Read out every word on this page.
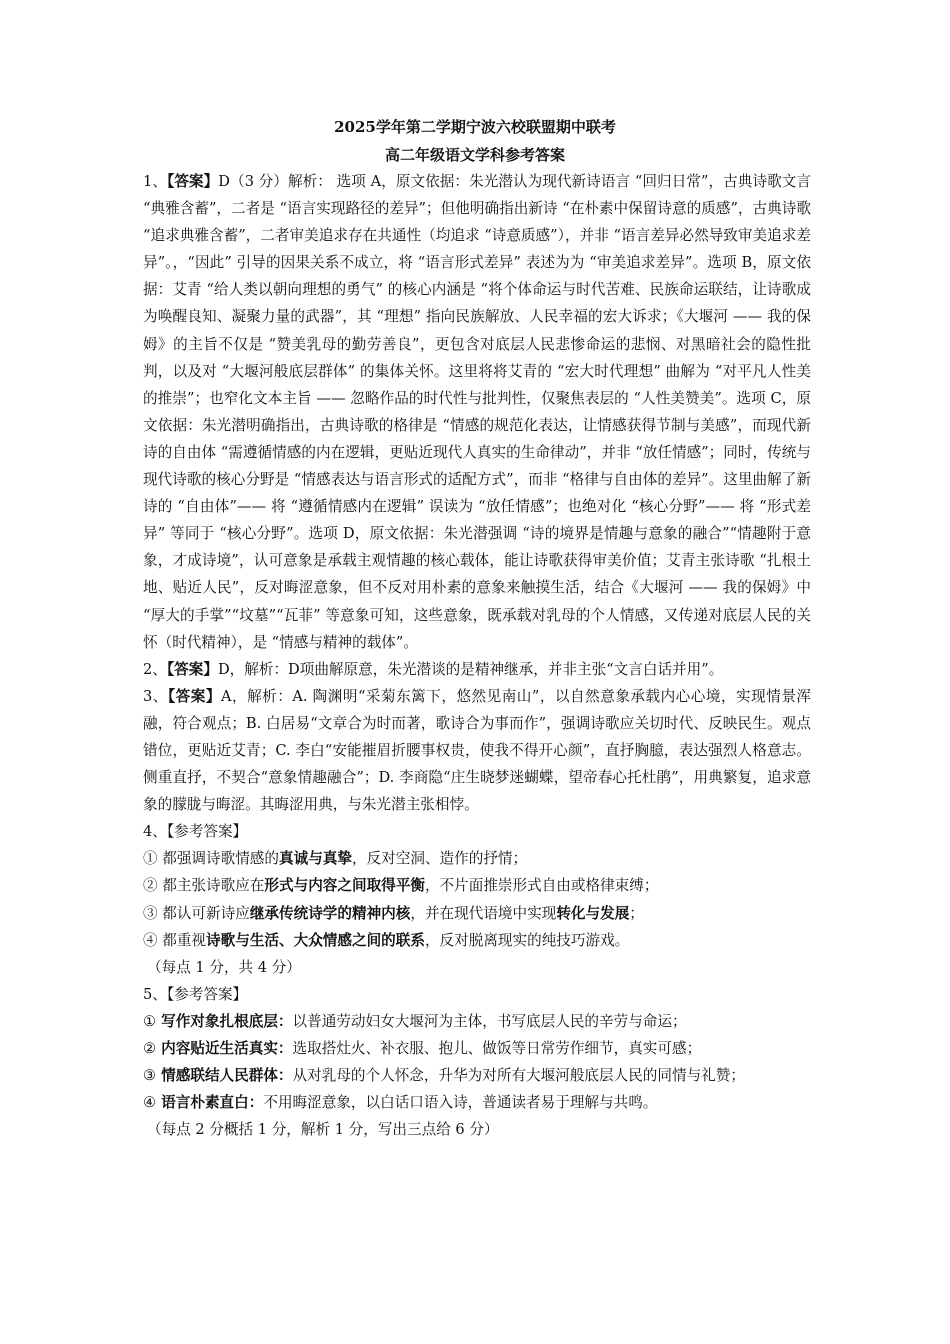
2025学年第二学期宁波六校联盟期中联考
高二年级语文学科参考答案

1、【答案】D（3 分）解析： 选项 A，原文依据：朱光潜认为现代新诗语言 “回归日常”，古典诗歌文言 “典雅含蓄”，二者是 “语言实现路径的差异”；但他明确指出新诗 “在朴素中保留诗意的质感”，古典诗歌 “追求典雅含蓄”，二者审美追求存在共通性（均追求 “诗意质感”），并非 “语言差异必然导致审美追求差异”。，“因此” 引导的因果关系不成立，将 “语言形式差异” 表述为为 “审美追求差异”。选项 B，原文依据：艾青 “给人类以朝向理想的勇气” 的核心内涵是 “将个体命运与时代苦难、民族命运联结，让诗歌成为唤醒良知、凝聚力量的武器”，其 “理想” 指向民族解放、人民幸福的宏大诉求；《大堰河 —— 我的保姆》的主旨不仅是 “赞美乳母的勤劳善良”，更包含对底层人民悲惨命运的悲悯、对黑暗社会的隐性批判，以及对 “大堰河般底层群体” 的集体关怀。这里将将艾青的 “宏大时代理想” 曲解为 “对平凡人性美的推崇”；也窄化文本主旨 —— 忽略作品的时代性与批判性，仅聚焦表层的 “人性美赞美”。选项 C，原文依据：朱光潜明确指出，古典诗歌的格律是 “情感的规范化表达，让情感获得节制与美感”，而现代新诗的自由体 “需遵循情感的内在逻辑，更贴近现代人真实的生命律动”，并非 “放任情感”；同时，传统与现代诗歌的核心分野是 “情感表达与语言形式的适配方式”，而非 “格律与自由体的差异”。这里曲解了新诗的 “自由体”—— 将 “遵循情感内在逻辑” 误读为 “放任情感”；也绝对化 “核心分野”—— 将 “形式差异” 等同于 “核心分野”。选项 D，原文依据：朱光潜强调 “诗的境界是情趣与意象的融合”“情趣附于意象，才成诗境”，认可意象是承载主观情趣的核心载体，能让诗歌获得审美价值；艾青主张诗歌 “扎根土地、贴近人民”，反对晦涩意象，但不反对用朴素的意象来触摸生活，结合《大堰河 —— 我的保姆》中 “厚大的手掌”“坟墓”“瓦菲” 等意象可知，这些意象，既承载对乳母的个人情感，又传递对底层人民的关怀（时代精神），是 “情感与精神的载体”。

2、【答案】D，解析：D项曲解原意，朱光潜谈的是精神继承，并非主张“文言白话并用”。

3、【答案】A，解析：A. 陶渊明“采菊东篱下，悠然见南山”，以自然意象承载内心心境，实现情景浑融，符合观点；B. 白居易“文章合为时而著，歌诗合为事而作”，强调诗歌应关切时代、反映民生。观点错位，更贴近艾青；C. 李白“安能摧眉折腰事权贵，使我不得开心颜”，直抒胸臆，表达强烈人格意志。侧重直抒，不契合“意象情趣融合”；D. 李商隐“庄生晓梦迷蝴蝶，望帝春心托杜鹃”，用典繁复，追求意象的朦胧与晦涩。其晦涩用典，与朱光潜主张相悖。

4、【参考答案】

① 都强调诗歌情感的真诚与真挚，反对空洞、造作的抒情；

② 都主张诗歌应在形式与内容之间取得平衡，不片面推崇形式自由或格律束缚；

③ 都认可新诗应继承传统诗学的精神内核，并在现代语境中实现转化与发展；

④ 都重视诗歌与生活、大众情感之间的联系，反对脱离现实的纯技巧游戏。

（每点 1 分，共 4 分）

5、【参考答案】

① 写作对象扎根底层：以普通劳动妇女大堰河为主体，书写底层人民的辛劳与命运；

② 内容贴近生活真实：选取搭灶火、补衣服、抱儿、做饭等日常劳作细节，真实可感；

③ 情感联结人民群体：从对乳母的个人怀念，升华为对所有大堰河般底层人民的同情与礼赞；

④ 语言朴素直白：不用晦涩意象，以白话口语入诗，普通读者易于理解与共鸣。

（每点 2 分概括 1 分，解析 1 分，写出三点给 6 分）
